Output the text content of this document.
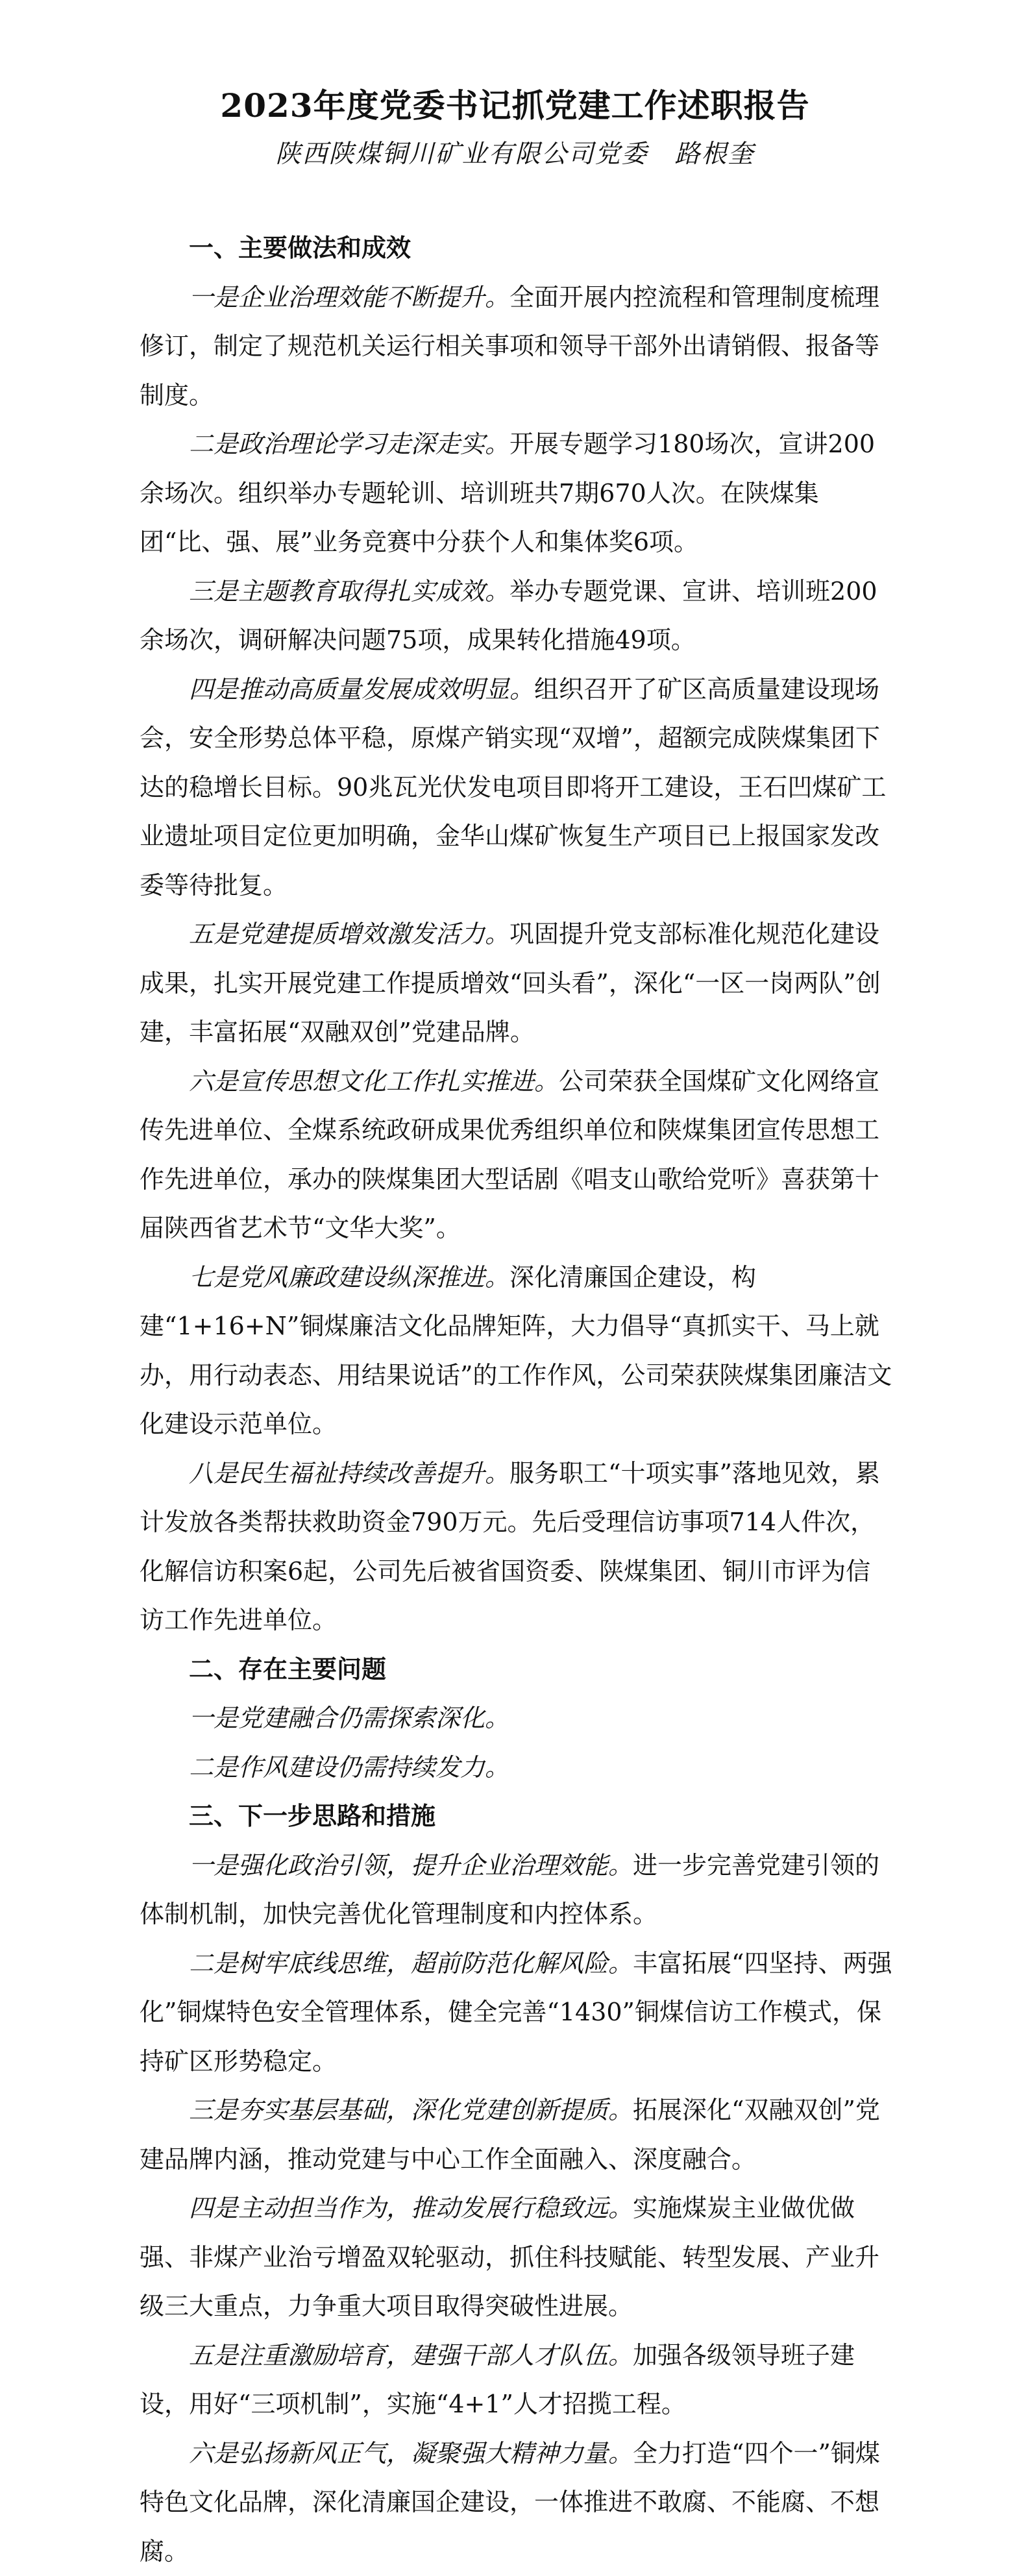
2023年度党委书记抓党建工作述职报告
陕西陕煤铜川矿业有限公司党委　路根奎
一、主要做法和成效

一是企业治理效能不断提升。全面开展内控流程和管理制度梳理修订，制定了规范机关运行相关事项和领导干部外出请销假、报备等制度。

二是政治理论学习走深走实。开展专题学习180场次，宣讲200余场次。组织举办专题轮训、培训班共7期670人次。在陕煤集团“比、强、展”业务竞赛中分获个人和集体奖6项。

三是主题教育取得扎实成效。举办专题党课、宣讲、培训班200余场次，调研解决问题75项，成果转化措施49项。

四是推动高质量发展成效明显。组织召开了矿区高质量建设现场会，安全形势总体平稳，原煤产销实现“双增”，超额完成陕煤集团下达的稳增长目标。90兆瓦光伏发电项目即将开工建设，王石凹煤矿工业遗址项目定位更加明确，金华山煤矿恢复生产项目已上报国家发改委等待批复。

五是党建提质增效激发活力。巩固提升党支部标准化规范化建设成果，扎实开展党建工作提质增效“回头看”，深化“一区一岗两队”创建，丰富拓展“双融双创”党建品牌。

六是宣传思想文化工作扎实推进。公司荣获全国煤矿文化网络宣传先进单位、全煤系统政研成果优秀组织单位和陕煤集团宣传思想工作先进单位，承办的陕煤集团大型话剧《唱支山歌给党听》喜获第十届陕西省艺术节“文华大奖”。

七是党风廉政建设纵深推进。深化清廉国企建设，构建“1+16+N”铜煤廉洁文化品牌矩阵，大力倡导“真抓实干、马上就办，用行动表态、用结果说话”的工作作风，公司荣获陕煤集团廉洁文化建设示范单位。

八是民生福祉持续改善提升。服务职工“十项实事”落地见效，累计发放各类帮扶救助资金790万元。先后受理信访事项714人件次，化解信访积案6起，公司先后被省国资委、陕煤集团、铜川市评为信访工作先进单位。

二、存在主要问题

一是党建融合仍需探索深化。

二是作风建设仍需持续发力。

三、下一步思路和措施

一是强化政治引领，提升企业治理效能。进一步完善党建引领的体制机制，加快完善优化管理制度和内控体系。

二是树牢底线思维，超前防范化解风险。丰富拓展“四坚持、两强化”铜煤特色安全管理体系，健全完善“1430”铜煤信访工作模式，保持矿区形势稳定。

三是夯实基层基础，深化党建创新提质。拓展深化“双融双创”党建品牌内涵，推动党建与中心工作全面融入、深度融合。

四是主动担当作为，推动发展行稳致远。实施煤炭主业做优做强、非煤产业治亏增盈双轮驱动，抓住科技赋能、转型发展、产业升级三大重点，力争重大项目取得突破性进展。

五是注重激励培育，建强干部人才队伍。加强各级领导班子建设，用好“三项机制”，实施“4+1”人才招揽工程。

六是弘扬新风正气，凝聚强大精神力量。全力打造“四个一”铜煤特色文化品牌，深化清廉国企建设，一体推进不敢腐、不能腐、不想腐。
